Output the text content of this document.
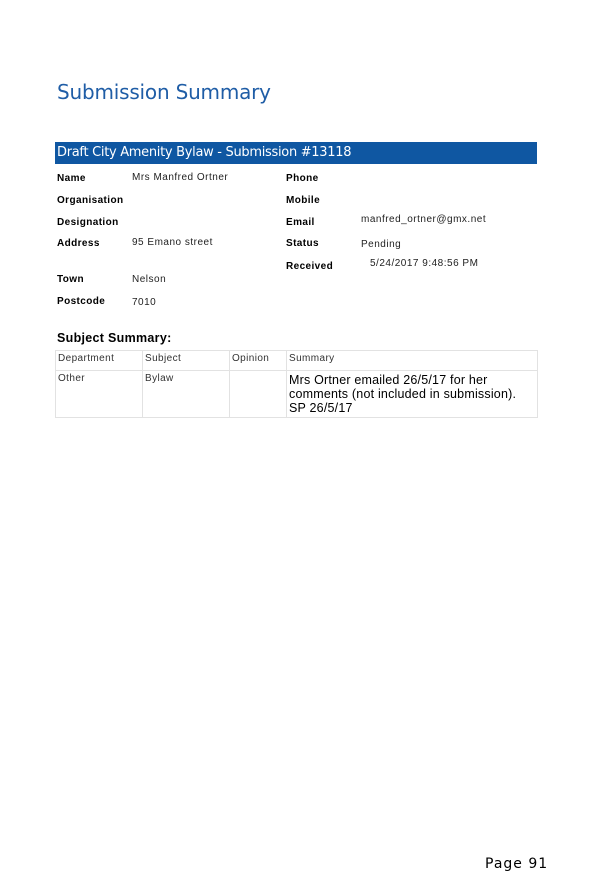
Submission Summary
Draft City Amenity Bylaw - Submission #13118
Name	Mrs Manfred Ortner
Organisation
Designation
Address	95 Emano street
Town	Nelson
Postcode	7010
Phone
Mobile
Email	manfred_ortner@gmx.net
Status	Pending
Received	5/24/2017 9:48:56 PM
Subject Summary:
Department	Subject	Opinion	Summary
Other	Bylaw		Mrs Ortner emailed 26/5/17 for her comments (not included in submission). SP 26/5/17
Page 91
